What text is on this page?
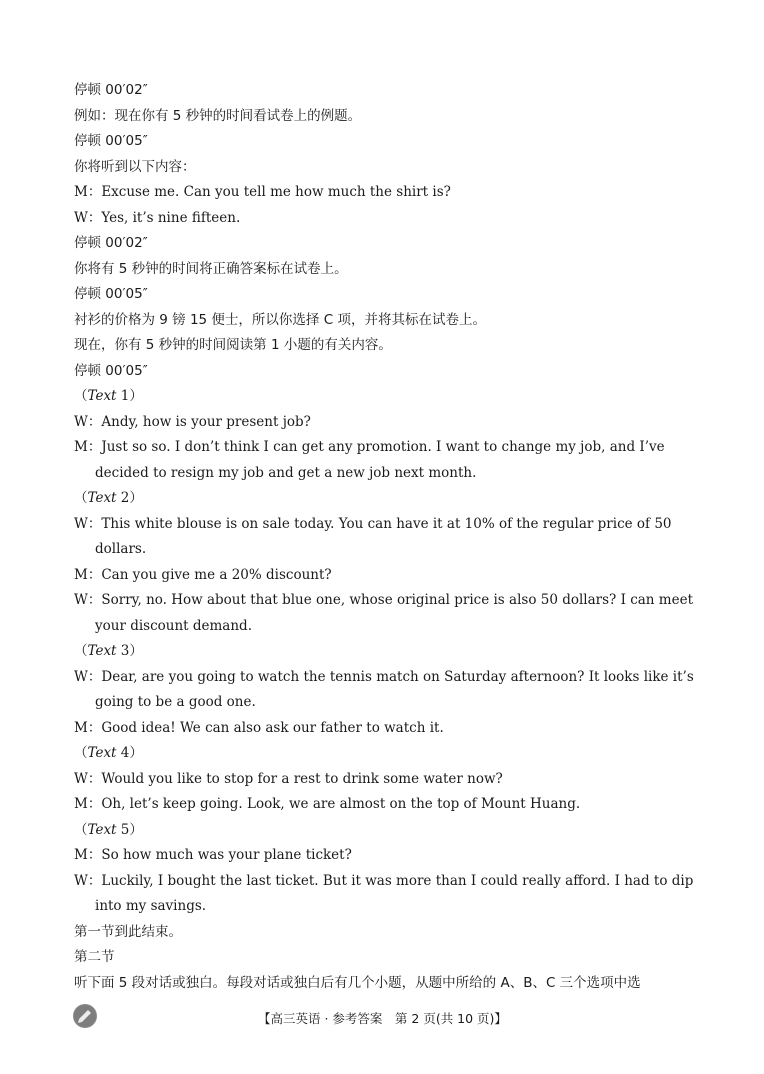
停顿 00′02″
例如：现在你有 5 秒钟的时间看试卷上的例题。
停顿 00′05″
你将听到以下内容：
M：Excuse me. Can you tell me how much the shirt is?
W：Yes, it’s nine fifteen.
停顿 00′02″
你将有 5 秒钟的时间将正确答案标在试卷上。
停顿 00′05″
衬衫的价格为 9 镑 15 便士，所以你选择 C 项，并将其标在试卷上。
现在，你有 5 秒钟的时间阅读第 1 小题的有关内容。
停顿 00′05″
（Text 1）
W：Andy, how is your present job?
M：Just so so. I don’t think I can get any promotion. I want to change my job, and I’ve
decided to resign my job and get a new job next month.
（Text 2）
W：This white blouse is on sale today. You can have it at 10% of the regular price of 50
dollars.
M：Can you give me a 20% discount?
W：Sorry, no. How about that blue one, whose original price is also 50 dollars? I can meet
your discount demand.
（Text 3）
W：Dear, are you going to watch the tennis match on Saturday afternoon? It looks like it’s
going to be a good one.
M：Good idea! We can also ask our father to watch it.
（Text 4）
W：Would you like to stop for a rest to drink some water now?
M：Oh, let’s keep going. Look, we are almost on the top of Mount Huang.
（Text 5）
M：So how much was your plane ticket?
W：Luckily, I bought the last ticket. But it was more than I could really afford. I had to dip
into my savings.
第一节到此结束。
第二节
听下面 5 段对话或独白。每段对话或独白后有几个小题，从题中所给的 A、B、C 三个选项中选
【高三英语 · 参考答案　第 2 页(共 10 页)】
